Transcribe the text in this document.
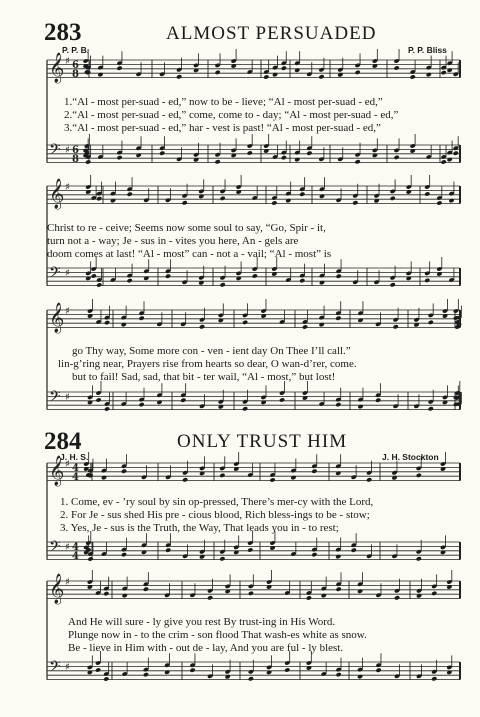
283	ALMOST PERSUADED
P. P. B.	P. P. Bliss
284	ONLY TRUST HIM
J. H. S.	J. H. Stockton
𝄞 ♯ 6
8
𝄢 ♯ 6
8
𝄞 ♯
𝄢 ♯
𝄞 ♯
𝄢 ♯
𝄞 ♯ 4
4
𝄢 ♯ 4
4
𝄞 ♯
𝄢 ♯
1.“Al - most per-suad - ed,” now to be - lieve; “Al - most per-suad - ed,”
2.“Al - most per-suad - ed,” come, come to - day; “Al - most per-suad - ed,”
3.“Al - most per-suad - ed,” har - vest is past! “Al - most per-suad - ed,”
Christ to re - ceive; Seems now some soul to say, “Go, Spir - it,
turn not a - way; Je - sus in - vites you here, An - gels are
doom comes at last! “Al - most” can - not a - vail; “Al - most” is
go Thy way, Some more con - ven - ient day On Thee I’ll call.”
lin-g’ring near, Prayers rise from hearts so dear, O wan-d’rer, come.
but to fail! Sad, sad, that bit - ter wail, “Al - most,” but lost!
1. Come, ev - ’ry soul by sin op-pressed, There’s mer-cy with the Lord,
2. For Je - sus shed His pre - cious blood, Rich bless-ings to be - stow;
3. Yes, Je - sus is the Truth, the Way, That leads you in - to rest;
And He will sure - ly give you rest By trust-ing in His Word.
Plunge now in - to the crim - son flood That wash-es white as snow.
Be - lieve in Him with - out de - lay, And you are ful - ly blest.
